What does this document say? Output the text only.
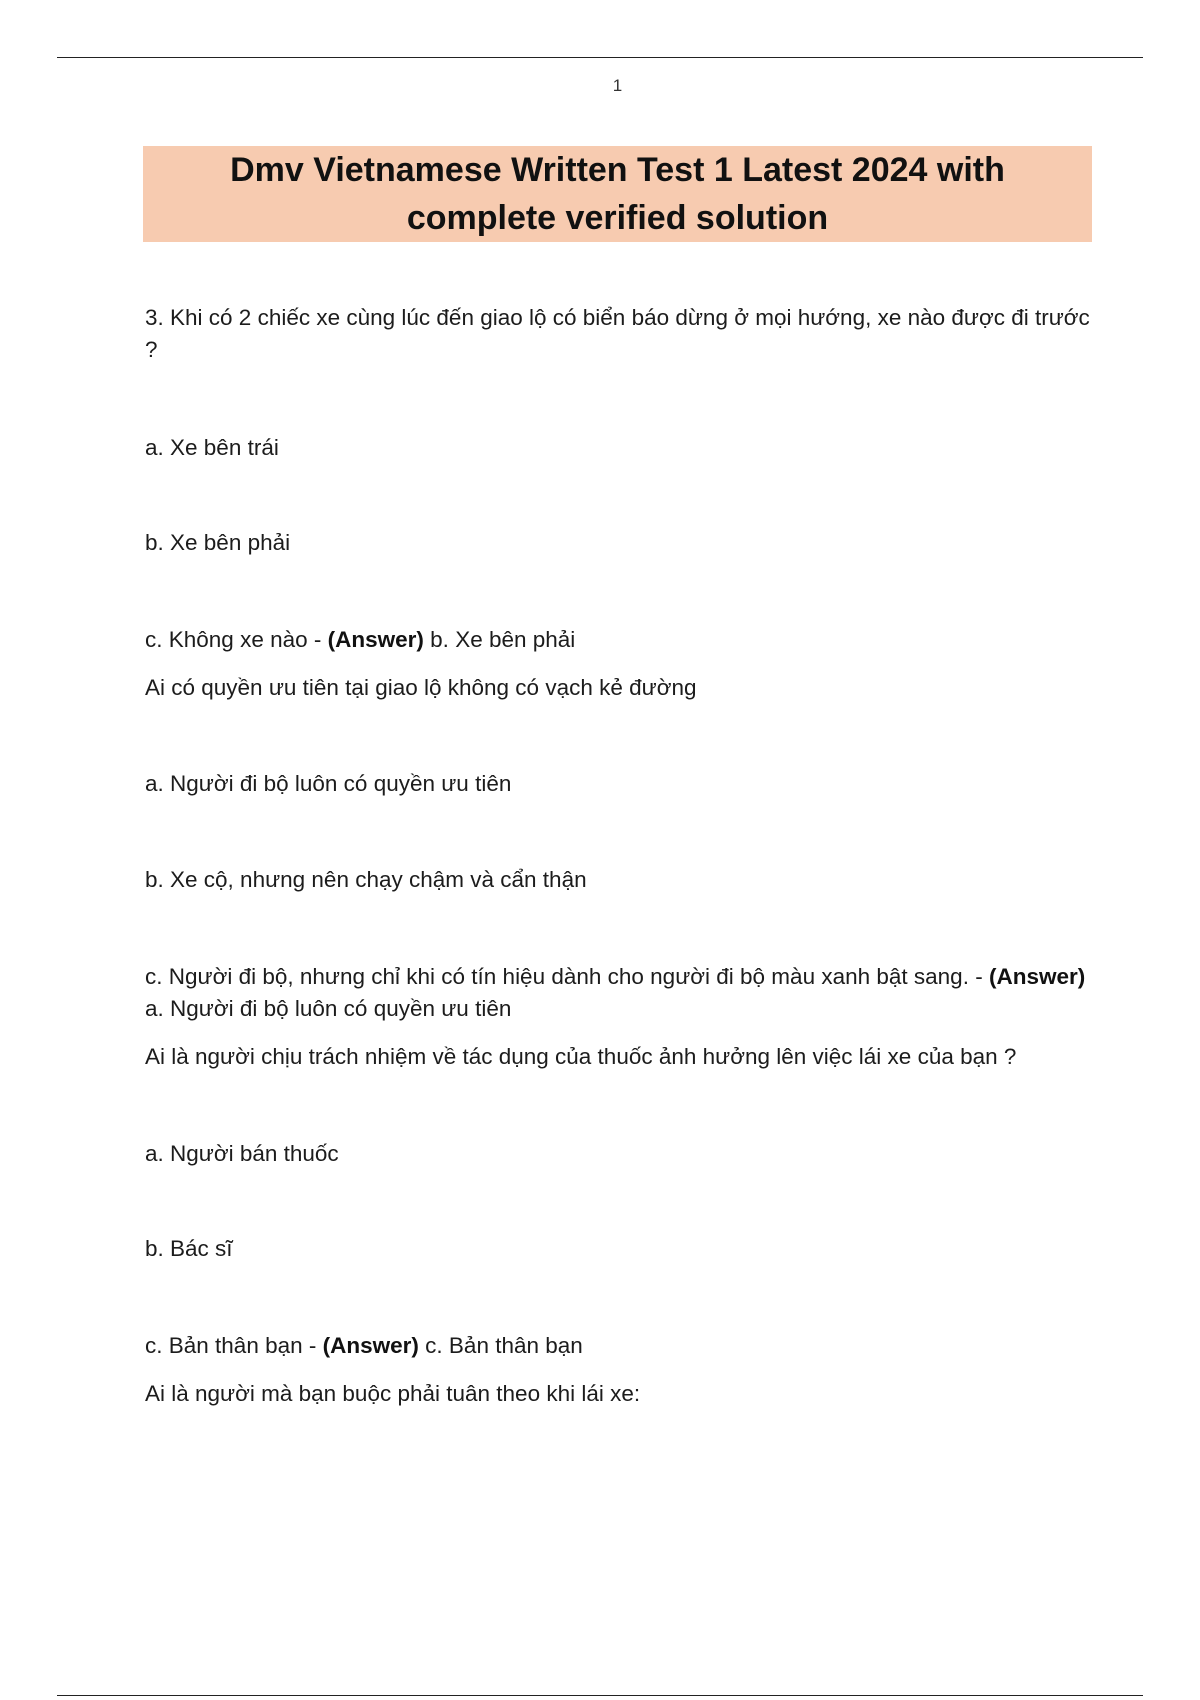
1
Dmv Vietnamese Written Test 1 Latest 2024 with
complete verified solution

3. Khi có 2 chiếc xe cùng lúc đến giao lộ có biển báo dừng ở mọi hướng, xe nào được đi trước ?

a. Xe bên trái

b. Xe bên phải

c. Không xe nào - (Answer) b. Xe bên phải

Ai có quyền ưu tiên tại giao lộ không có vạch kẻ đường

a. Người đi bộ luôn có quyền ưu tiên

b. Xe cộ, nhưng nên chạy chậm và cẩn thận

c. Người đi bộ, nhưng chỉ khi có tín hiệu dành cho người đi bộ màu xanh bật sang. - (Answer) a. Người đi bộ luôn có quyền ưu tiên

Ai là người chịu trách nhiệm về tác dụng của thuốc ảnh hưởng lên việc lái xe của bạn ?

a. Người bán thuốc

b. Bác sĩ

c. Bản thân bạn - (Answer) c. Bản thân bạn

Ai là người mà bạn buộc phải tuân theo khi lái xe:
